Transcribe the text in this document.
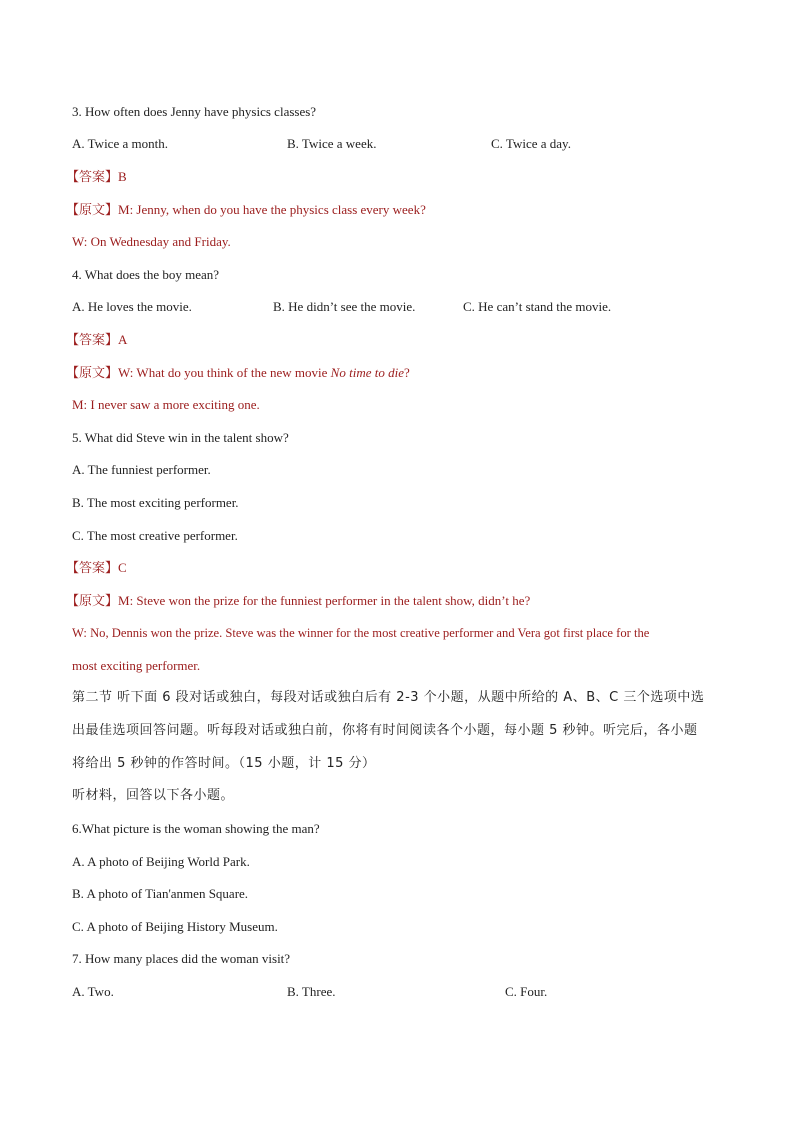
3. How often does Jenny have physics classes?
A. Twice a month.	B. Twice a week.	C. Twice a day.
【答案】B
【原文】M: Jenny, when do you have the physics class every week?
W: On Wednesday and Friday.
4. What does the boy mean?
A. He loves the movie.	B. He didn’t see the movie.	C. He can’t stand the movie.
【答案】A
【原文】W: What do you think of the new movie No time to die?
M: I never saw a more exciting one.
5. What did Steve win in the talent show?
A. The funniest performer.
B. The most exciting performer.
C. The most creative performer.
【答案】C
【原文】M: Steve won the prize for the funniest performer in the talent show, didn’t he?
W: No, Dennis won the prize. Steve was the winner for the most creative performer and Vera got first place for the
most exciting performer.
第二节 听下面 6 段对话或独白，每段对话或独白后有 2-3 个小题，从题中所给的 A、B、C 三个选项中选
出最佳选项回答问题。听每段对话或独白前，你将有时间阅读各个小题，每小题 5 秒钟。听完后，各小题
将给出 5 秒钟的作答时间。（15 小题，计 15 分）
听材料，回答以下各小题。
6.What picture is the woman showing the man?
A. A photo of Beijing World Park.
B. A photo of Tian'anmen Square.
C. A photo of Beijing History Museum.
7. How many places did the woman visit?
A. Two.	B. Three.	C. Four.
